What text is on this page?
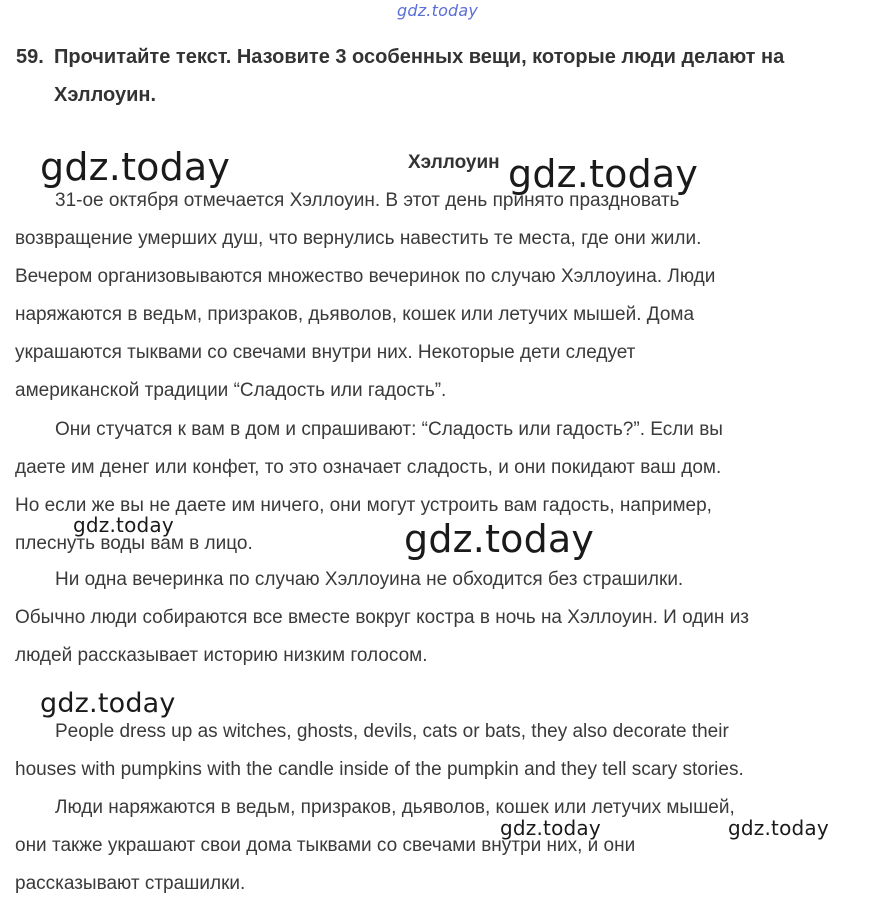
gdz.today
59. Прочитайте текст. Назовите 3 особенных вещи, которые люди делают на
Хэллоуин.
Хэллоуин
31-ое октября отмечается Хэллоуин. В этот день принято праздновать
возвращение умерших душ, что вернулись навестить те места, где они жили.
Вечером организовываются множество вечеринок по случаю Хэллоуина. Люди
наряжаются в ведьм, призраков, дьяволов, кошек или летучих мышей. Дома
украшаются тыквами со свечами внутри них. Некоторые дети следует
американской традиции “Сладость или гадость”.
Они стучатся к вам в дом и спрашивают: “Сладость или гадость?”. Если вы
даете им денег или конфет, то это означает сладость, и они покидают ваш дом.
Но если же вы не даете им ничего, они могут устроить вам гадость, например,
плеснуть воды вам в лицо.
Ни одна вечеринка по случаю Хэллоуина не обходится без страшилки.
Обычно люди собираются все вместе вокруг костра в ночь на Хэллоуин. И один из
людей рассказывает историю низким голосом.
People dress up as witches, ghosts, devils, cats or bats, they also decorate their
houses with pumpkins with the candle inside of the pumpkin and they tell scary stories.
Люди наряжаются в ведьм, призраков, дьяволов, кошек или летучих мышей,
они также украшают свои дома тыквами со свечами внутри них, и они
рассказывают страшилки.
gdz.today	gdz.today
gdz.today	gdz.today
gdz.today
gdz.today	gdz.today
